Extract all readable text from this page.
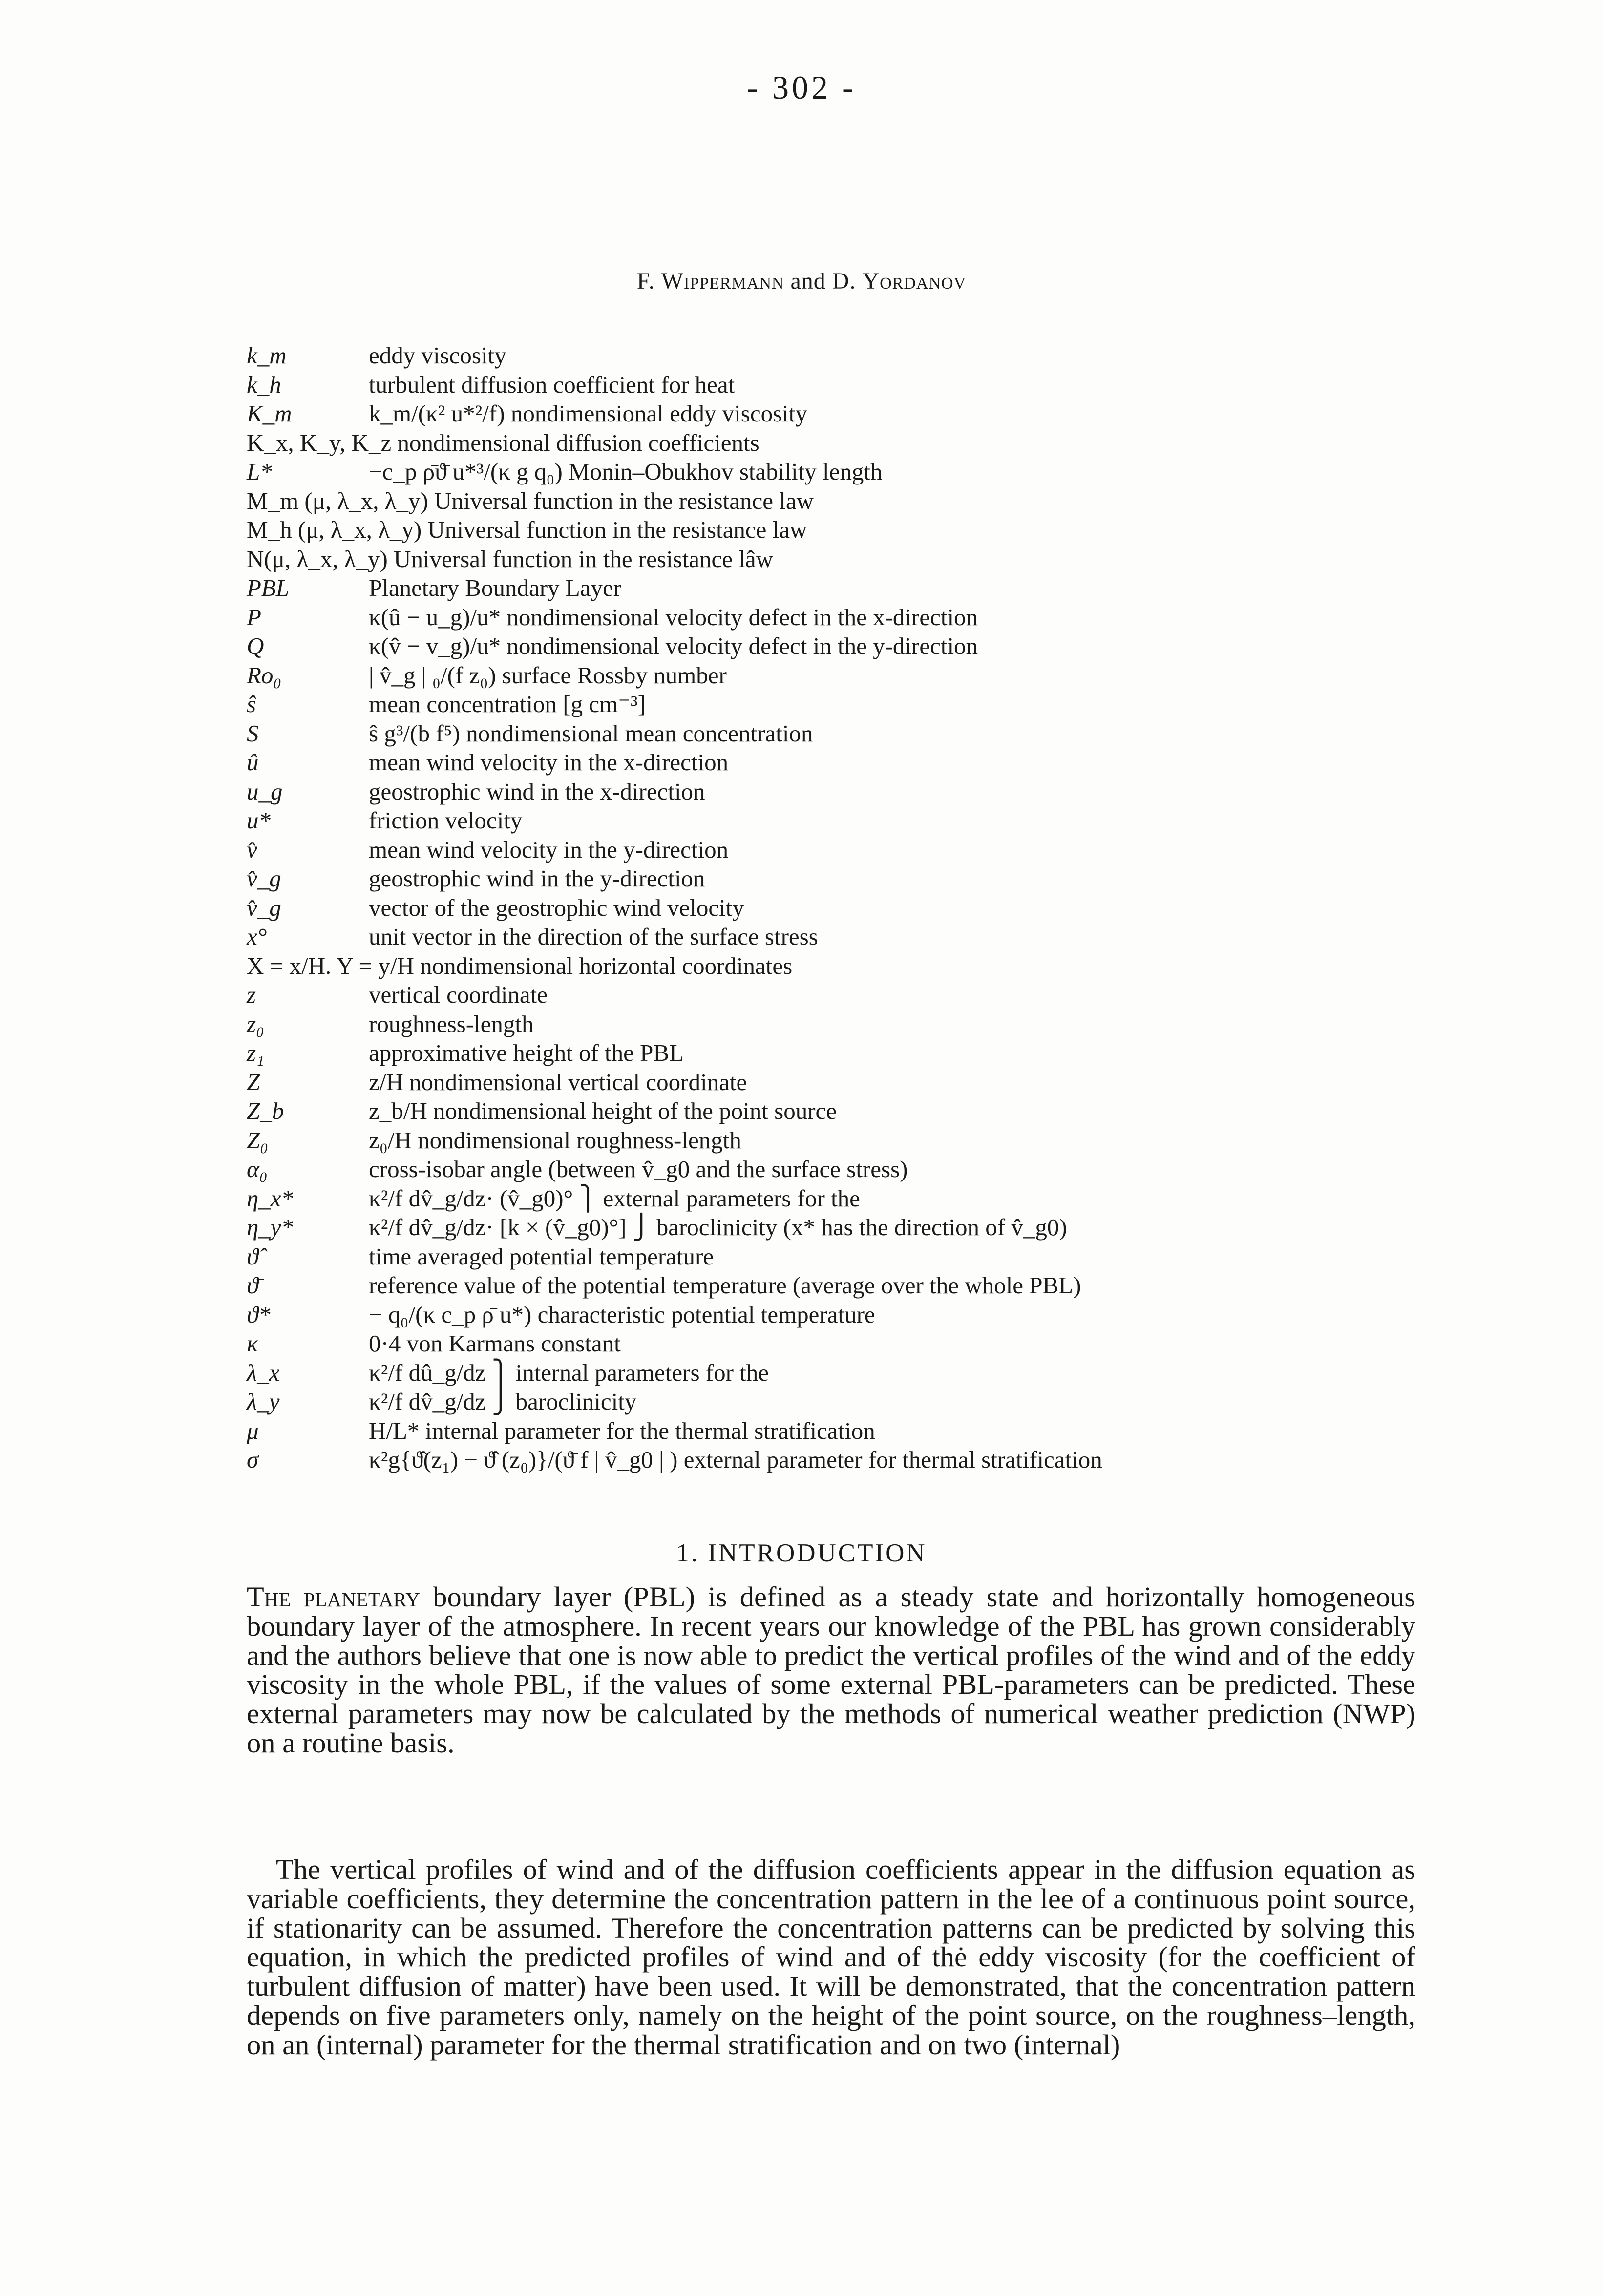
- 302 -
F. Wippermann and D. Yordanov
k_m	eddy viscosity
k_h	turbulent diffusion coefficient for heat
K_m	k_m/(κ² u*²/f) nondimensional eddy viscosity
K_x, K_y, K_z nondimensional diffusion coefficients
L*	−c_p ρ̄ϑ̄ u*³/(κ g q₀) Monin–Obukhov stability length
M_m (μ, λ_x, λ_y) Universal function in the resistance law
M_h (μ, λ_x, λ_y) Universal function in the resistance law
N(μ, λ_x, λ_y) Universal function in the resistance lâw
PBL	Planetary Boundary Layer
P	κ(û − u_g)/u* nondimensional velocity defect in the x-direction
Q	κ(v̂ − v_g)/u* nondimensional velocity defect in the y-direction
Ro₀	| v̂_g | ₀/(f z₀) surface Rossby number
ŝ	mean concentration [g cm⁻³]
S	ŝ g³/(b f⁵) nondimensional mean concentration
û	mean wind velocity in the x-direction
u_g	geostrophic wind in the x-direction
u*	friction velocity
v̂	mean wind velocity in the y-direction
v̂_g	geostrophic wind in the y-direction
v̂_g	vector of the geostrophic wind velocity
x°	unit vector in the direction of the surface stress
X = x/H. Y = y/H nondimensional horizontal coordinates
z	vertical coordinate
z₀	roughness-length
z₁	approximative height of the PBL
Z	z/H nondimensional vertical coordinate
Z_b	z_b/H nondimensional height of the point source
Z₀	z₀/H nondimensional roughness-length
α₀	cross-isobar angle (between v̂_g0 and the surface stress)
η_x*	κ²/f dv̂_g/dz· (v̂_g0)° ⎫ external parameters for the
η_y*	κ²/f dv̂_g/dz· [k × (v̂_g0)°] ⎭ baroclinicity (x* has the direction of v̂_g0)
ϑ̂	time averaged potential temperature
ϑ̄	reference value of the potential temperature (average over the whole PBL)
ϑ*	− q₀/(κ c_p ρ̄ u*) characteristic potential temperature
κ	0·4 von Karmans constant
λ_x	κ²/f dû_g/dz ⎫ internal parameters for the
λ_y	κ²/f dv̂_g/dz ⎭ baroclinicity
μ	H/L* internal parameter for the thermal stratification
σ	κ²g{ϑ̂(z₁) − ϑ̂ (z₀)}/(ϑ̄ f | v̂_g0 | ) external parameter for thermal stratification
1. INTRODUCTION
The planetary boundary layer (PBL) is defined as a steady state and horizontally homogeneous boundary layer of the atmosphere. In recent years our knowledge of the PBL has grown considerably and the authors believe that one is now able to predict the vertical profiles of the wind and of the eddy viscosity in the whole PBL, if the values of some external PBL-parameters can be predicted. These external parameters may now be calculated by the methods of numerical weather prediction (NWP) on a routine basis.
The vertical profiles of wind and of the diffusion coefficients appear in the diffusion equation as variable coefficients, they determine the concentration pattern in the lee of a continuous point source, if stationarity can be assumed. Therefore the concentration patterns can be predicted by solving this equation, in which the predicted profiles of wind and of thė eddy viscosity (for the coefficient of turbulent diffusion of matter) have been used. It will be demonstrated, that the concentration pattern depends on five parameters only, namely on the height of the point source, on the roughness–length, on an (internal) parameter for the thermal stratification and on two (internal)
